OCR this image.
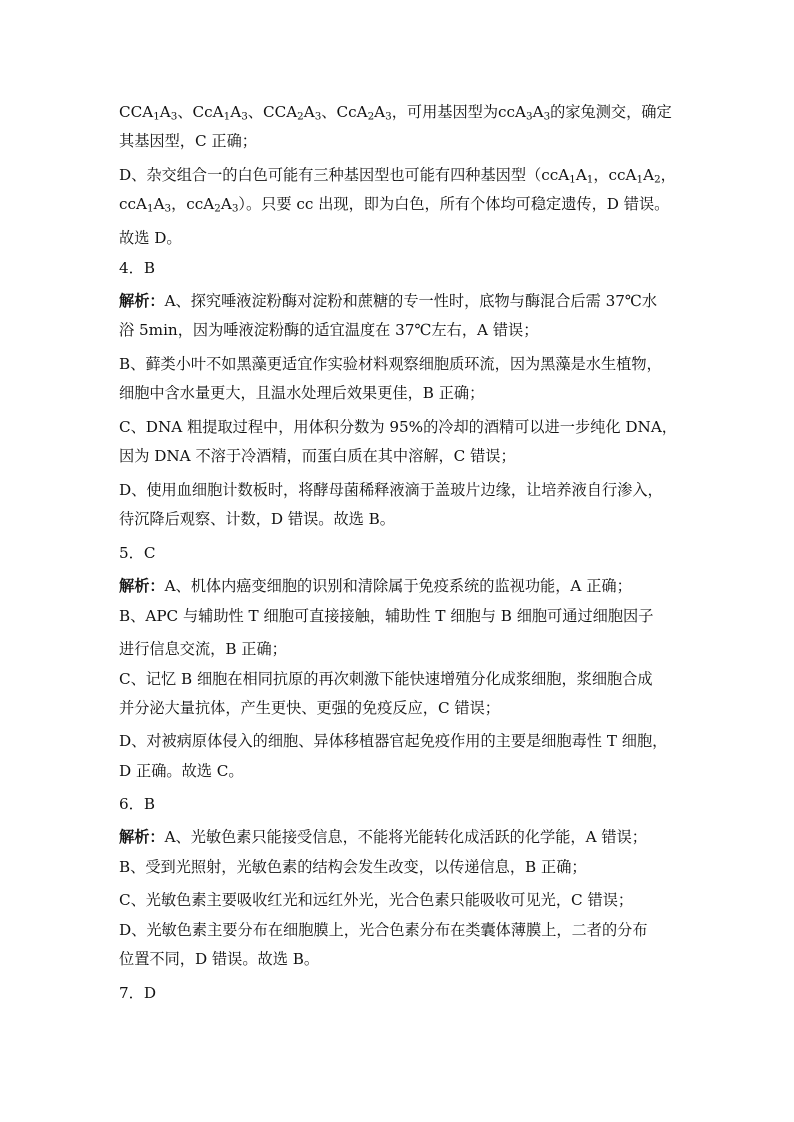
$CCA_1A_3$、$CcA_1A_3$、$CCA_2A_3$、$CcA_2A_3$，可用基因型为$ccA_3A_3$的家兔测交，确定
其基因型，C 正确；
D、杂交组合一的白色可能有三种基因型也可能有四种基因型（$ccA_1A_1$，$ccA_1A_2$，
$ccA_1A_3$，$ccA_2A_3$）。只要 cc 出现，即为白色，所有个体均可稳定遗传，D 错误。
故选 D。
4．B
解析：A、探究唾液淀粉酶对淀粉和蔗糖的专一性时，底物与酶混合后需 37℃水
浴 5min，因为唾液淀粉酶的适宜温度在 37℃左右，A 错误；
B、藓类小叶不如黑藻更适宜作实验材料观察细胞质环流，因为黑藻是水生植物，
细胞中含水量更大，且温水处理后效果更佳，B 正确；
C、DNA 粗提取过程中，用体积分数为 95%的冷却的酒精可以进一步纯化 DNA，
因为 DNA 不溶于冷酒精，而蛋白质在其中溶解，C 错误；
D、使用血细胞计数板时，将酵母菌稀释液滴于盖玻片边缘，让培养液自行渗入，
待沉降后观察、计数，D 错误。故选 B。
5．C
解析：A、机体内癌变细胞的识别和清除属于免疫系统的监视功能，A 正确；
B、APC 与辅助性 T 细胞可直接接触，辅助性 T 细胞与 B 细胞可通过细胞因子
进行信息交流，B 正确；
C、记忆 B 细胞在相同抗原的再次刺激下能快速增殖分化成浆细胞，浆细胞合成
并分泌大量抗体，产生更快、更强的免疫反应，C 错误；
D、对被病原体侵入的细胞、异体移植器官起免疫作用的主要是细胞毒性 T 细胞，
D 正确。故选 C。
6．B
解析：A、光敏色素只能接受信息，不能将光能转化成活跃的化学能，A 错误；
B、受到光照射，光敏色素的结构会发生改变，以传递信息，B 正确；
C、光敏色素主要吸收红光和远红外光，光合色素只能吸收可见光，C 错误；
D、光敏色素主要分布在细胞膜上，光合色素分布在类囊体薄膜上，二者的分布
位置不同，D 错误。故选 B。
7．D
